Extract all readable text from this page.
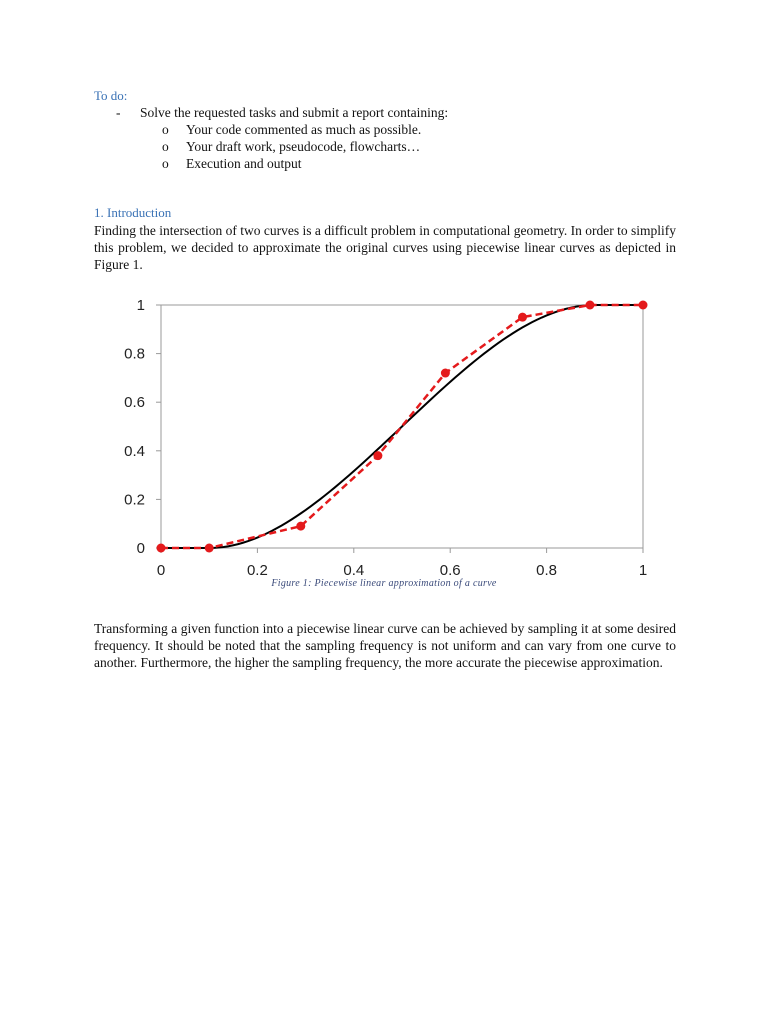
To do:
- Solve the requested tasks and submit a report containing:
o Your code commented as much as possible.
o Your draft work, pseudocode, flowcharts…
o Execution and output
1. Introduction

Finding the intersection of two curves is a difficult problem in computational geometry. In order to simplify this problem, we decided to approximate the original curves using piecewise linear curves as depicted in Figure 1.

0
0.2
0.4
0.6
0.8
1
0	0.2	0.4	0.6	0.8	1
Figure 1: Piecewise linear approximation of a curve

Transforming a given function into a piecewise linear curve can be achieved by sampling it at some desired frequency. It should be noted that the sampling frequency is not uniform and can vary from one curve to another. Furthermore, the higher the sampling frequency, the more accurate the piecewise approximation.
